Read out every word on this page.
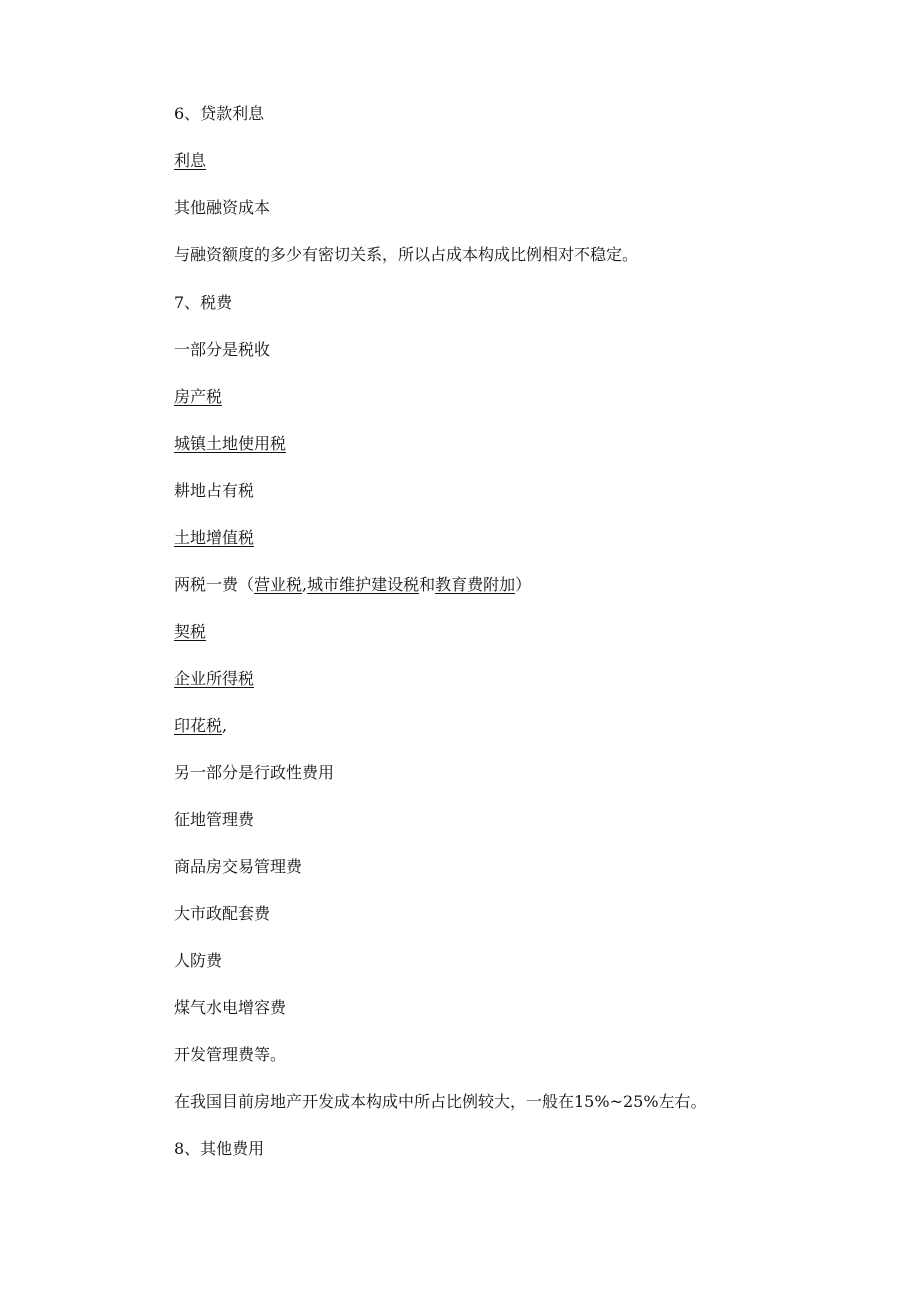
6、贷款利息
利息
其他融资成本
与融资额度的多少有密切关系，所以占成本构成比例相对不稳定。
7、税费
一部分是税收
房产税
城镇土地使用税
耕地占有税
土地增值税
两税一费（营业税,城市维护建设税和教育费附加）
契税
企业所得税
印花税,
另一部分是行政性费用
征地管理费
商品房交易管理费
大市政配套费
人防费
煤气水电增容费
开发管理费等。
在我国目前房地产开发成本构成中所占比例较大，一般在15%~25%左右。
8、其他费用
